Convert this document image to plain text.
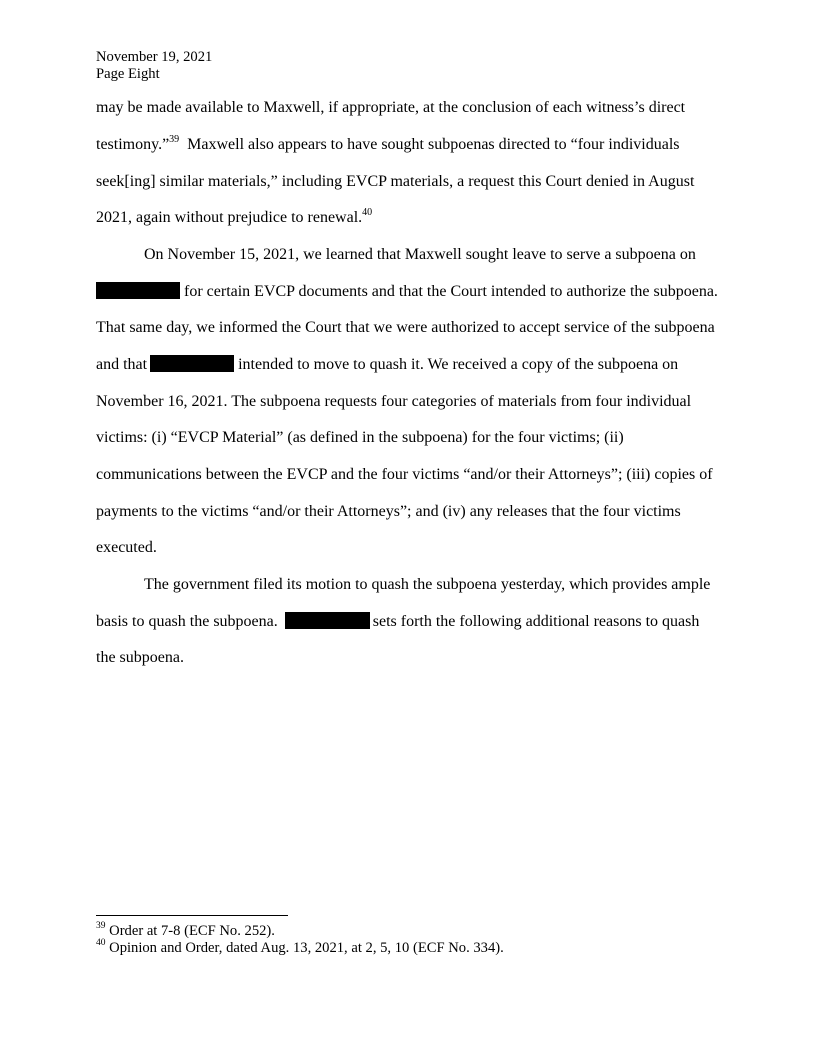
November 19, 2021
Page Eight
may be made available to Maxwell, if appropriate, at the conclusion of each witness’s direct
testimony.”$^{39}$  Maxwell also appears to have sought subpoenas directed to “four individuals
seek[ing] similar materials,” including EVCP materials, a request this Court denied in August
2021, again without prejudice to renewal.$^{40}$
On November 15, 2021, we learned that Maxwell sought leave to serve a subpoena on
for certain EVCP documents and that the Court intended to authorize the subpoena.
That same day, we informed the Court that we were authorized to accept service of the subpoena
and that	intended to move to quash it. We received a copy of the subpoena on
November 16, 2021. The subpoena requests four categories of materials from four individual
victims: (i) “EVCP Material” (as defined in the subpoena) for the four victims; (ii)
communications between the EVCP and the four victims “and/or their Attorneys”; (iii) copies of
payments to the victims “and/or their Attorneys”; and (iv) any releases that the four victims
executed.
The government filed its motion to quash the subpoena yesterday, which provides ample
basis to quash the subpoena.	sets forth the following additional reasons to quash
the subpoena.
$^{39}$ Order at 7-8 (ECF No. 252).
$^{40}$ Opinion and Order, dated Aug. 13, 2021, at 2, 5, 10 (ECF No. 334).
